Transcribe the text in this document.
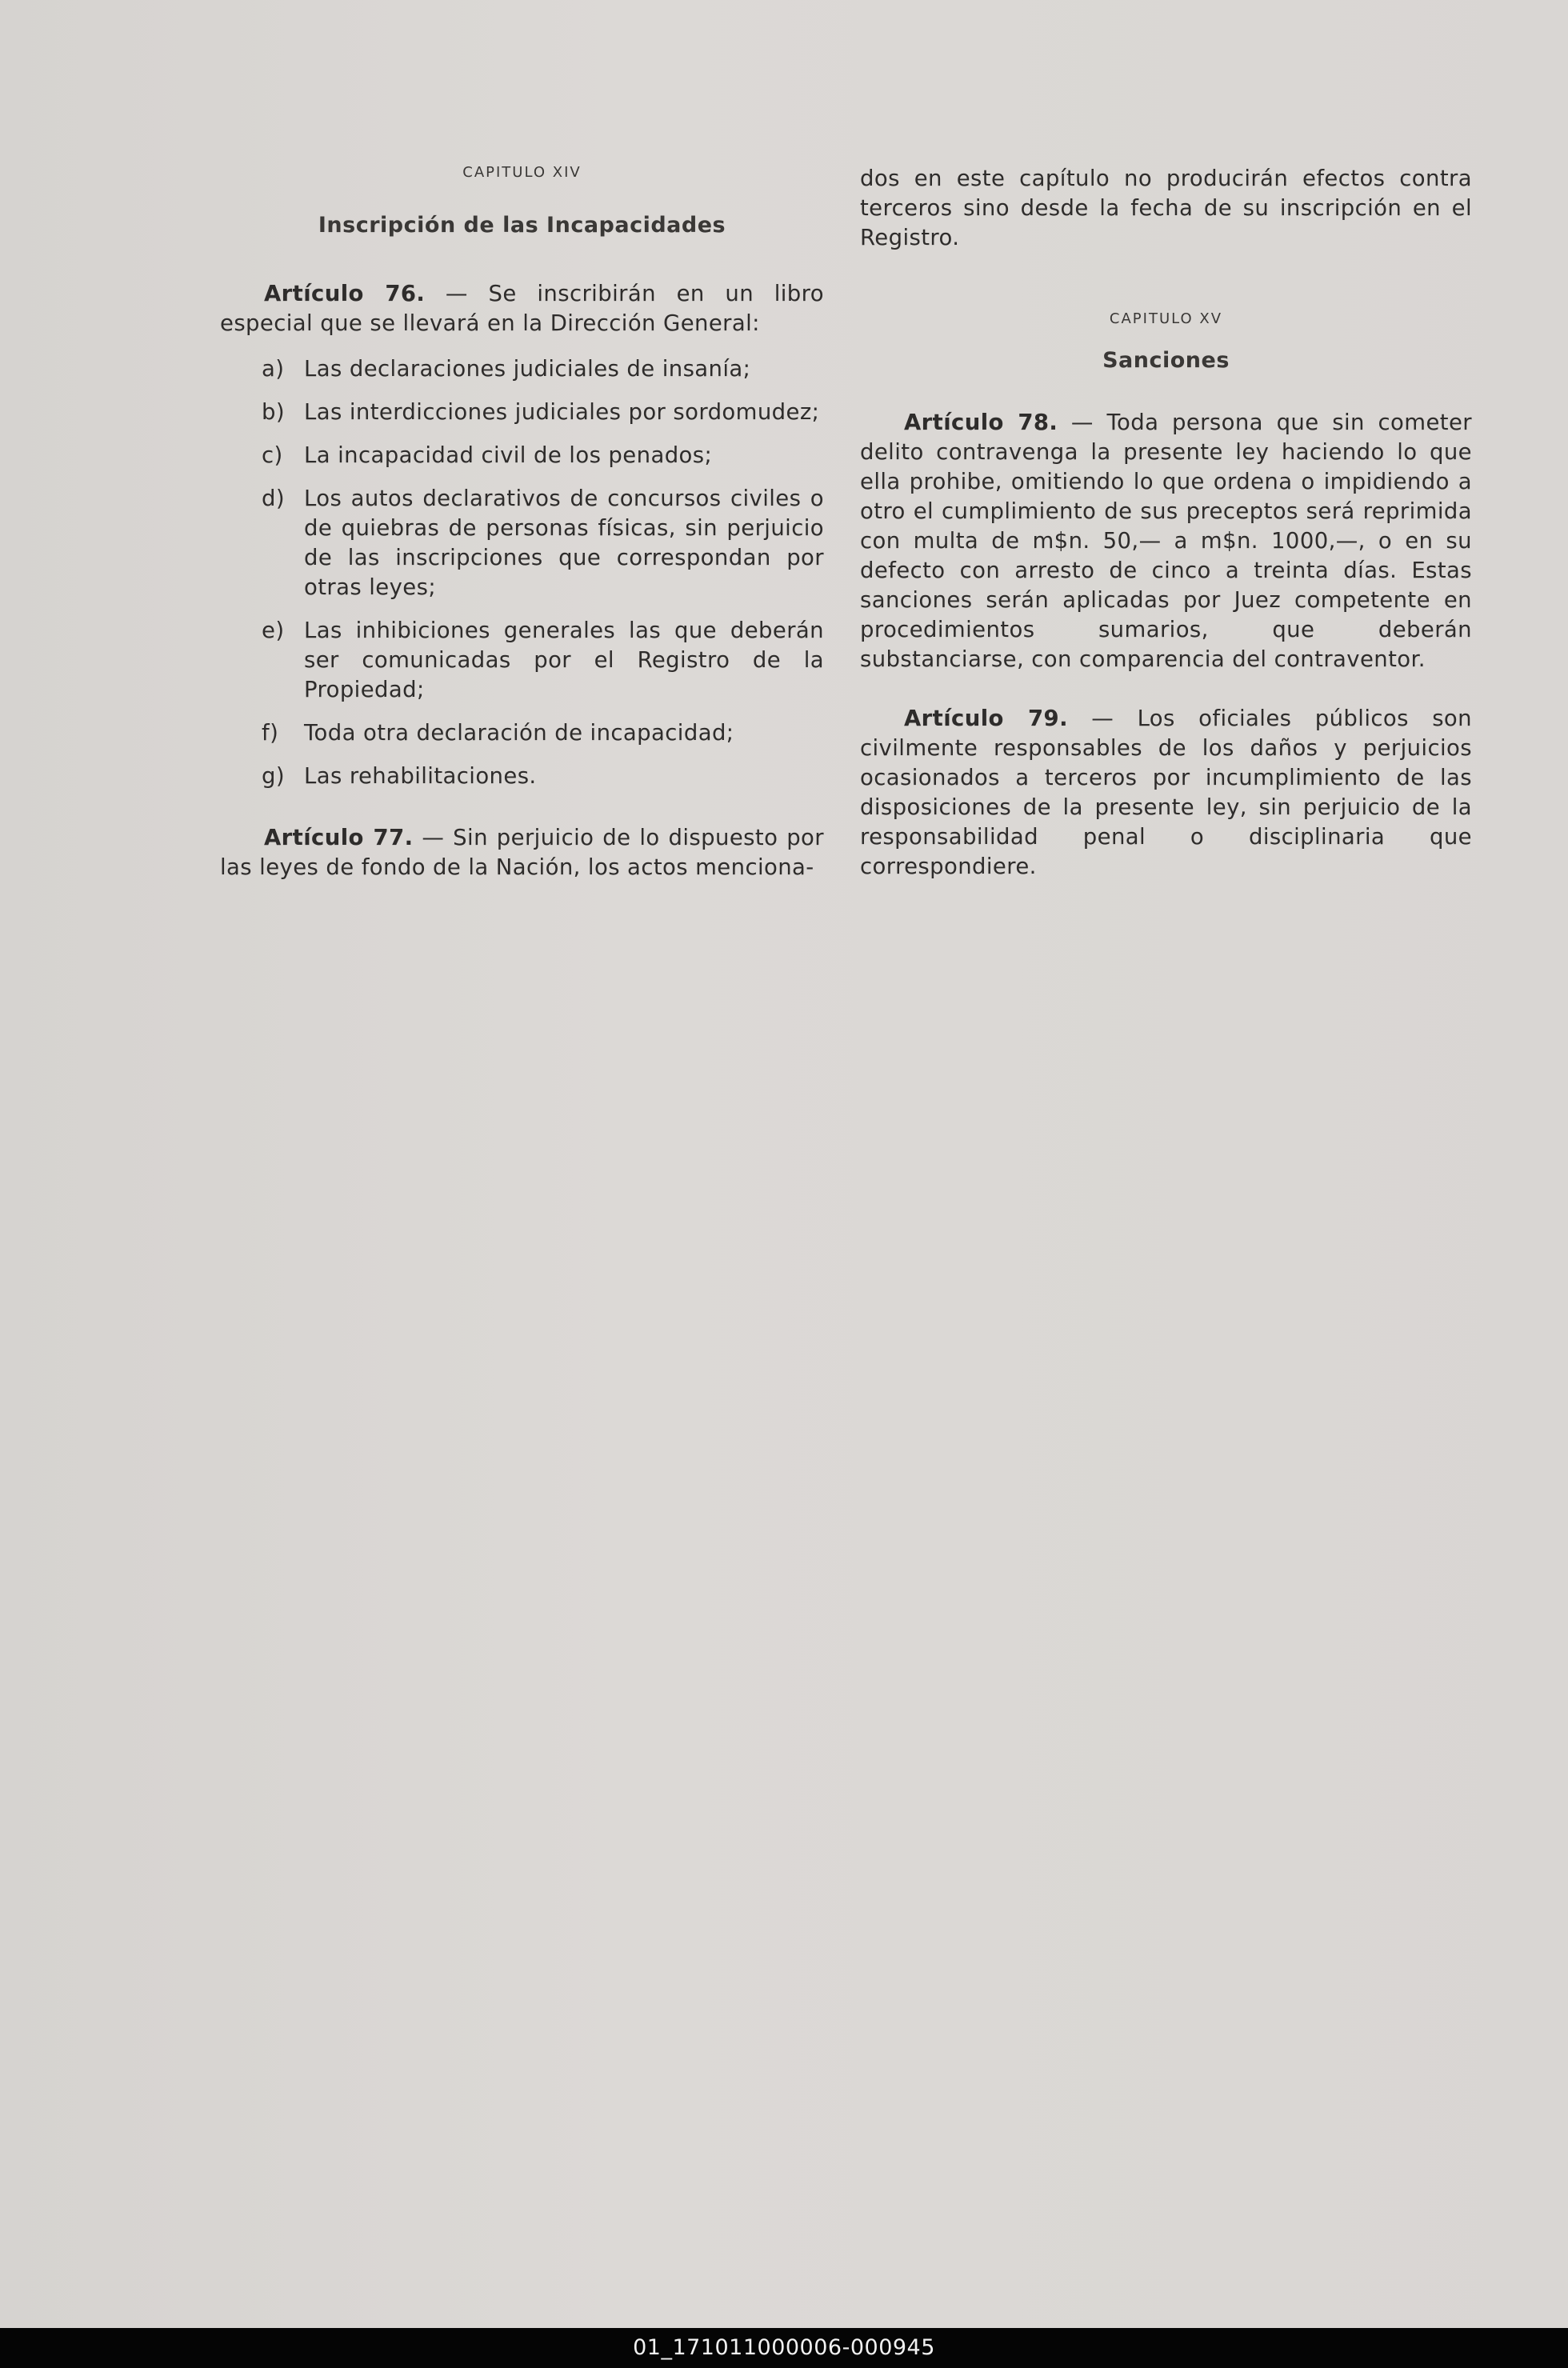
CAPITULO XIV
Inscripción de las Incapacidades

Artículo 76. — Se inscribirán en un libro especial que se llevará en la Dirección General:

a) Las declaraciones judiciales de insanía;
b) Las interdicciones judiciales por sordomudez;
c) La incapacidad civil de los penados;
d) Los autos declarativos de concursos civiles o de quiebras de personas físicas, sin perjuicio de las inscripciones que correspondan por otras leyes;
e) Las inhibiciones generales las que deberán ser comunicadas por el Registro de la Propiedad;
f) Toda otra declaración de incapacidad;
g) Las rehabilitaciones.

Artículo 77. — Sin perjuicio de lo dispuesto por las leyes de fondo de la Nación, los actos menciona-

dos en este capítulo no producirán efectos contra terceros sino desde la fecha de su inscripción en el Registro.

CAPITULO XV
Sanciones

Artículo 78. — Toda persona que sin cometer delito contravenga la presente ley haciendo lo que ella prohibe, omitiendo lo que ordena o impidiendo a otro el cumplimiento de sus preceptos será reprimida con multa de m$n. 50,— a m$n. 1000,—, o en su defecto con arresto de cinco a treinta días. Estas sanciones serán aplicadas por Juez competente en procedimientos sumarios, que deberán substanciarse, con comparencia del contraventor.

Artículo 79. — Los oficiales públicos son civilmente responsables de los daños y perjuicios ocasionados a terceros por incumplimiento de las disposiciones de la presente ley, sin perjuicio de la responsabilidad penal o disciplinaria que correspondiere.

01_171011000006-000945
